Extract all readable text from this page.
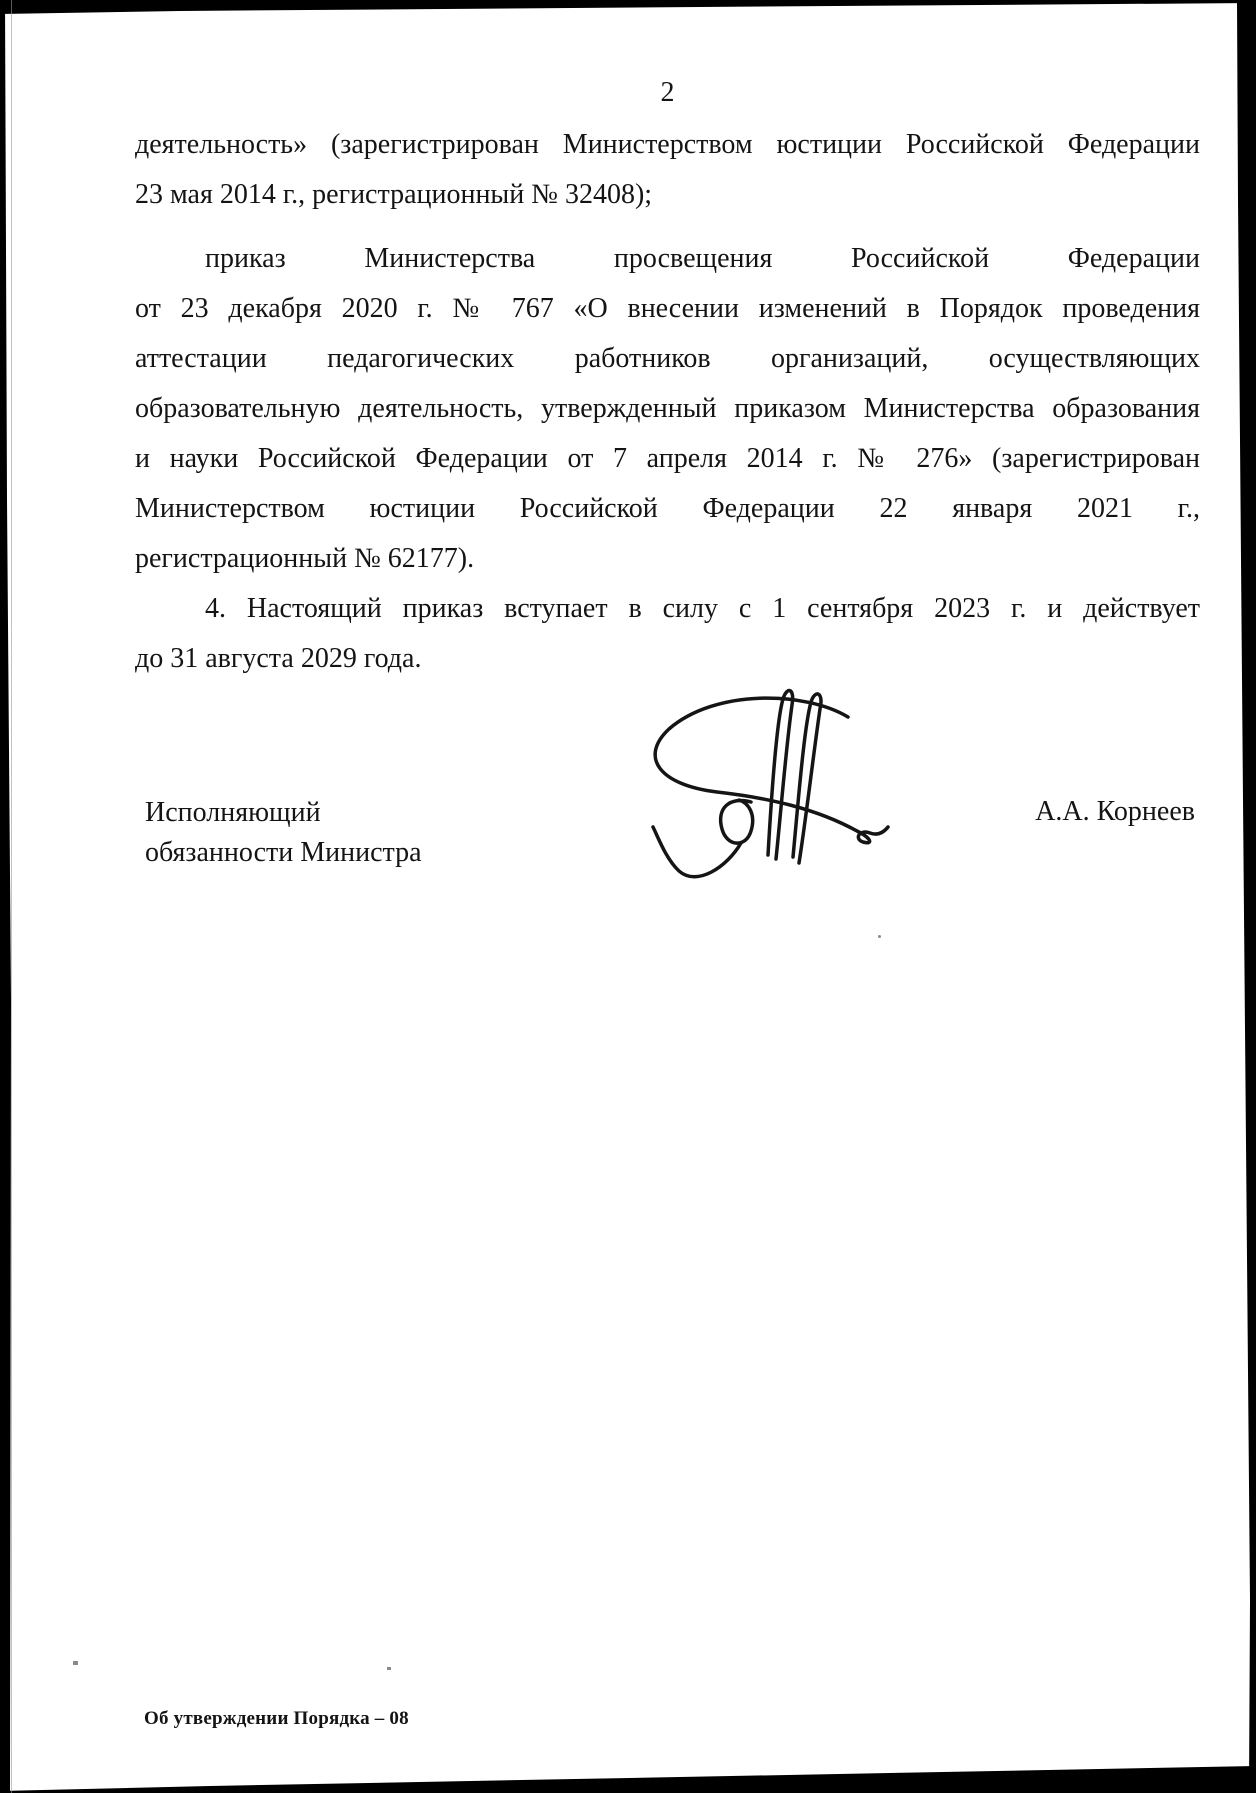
2
деятельность» (зарегистрирован Министерством юстиции Российской Федерации
23 мая 2014 г., регистрационный № 32408);
приказ Министерства просвещения Российской Федерации
от 23 декабря 2020 г. № 767 «О внесении изменений в Порядок проведения
аттестации педагогических работников организаций, осуществляющих
образовательную деятельность, утвержденный приказом Министерства образования
и науки Российской Федерации от 7 апреля 2014 г. № 276» (зарегистрирован
Министерством юстиции Российской Федерации 22 января 2021 г.,
регистрационный № 62177).
4. Настоящий приказ вступает в силу с 1 сентября 2023 г. и действует
до 31 августа 2029 года.
Исполняющий
обязанности Министра
А.А. Корнеев
Об утверждении Порядка – 08
